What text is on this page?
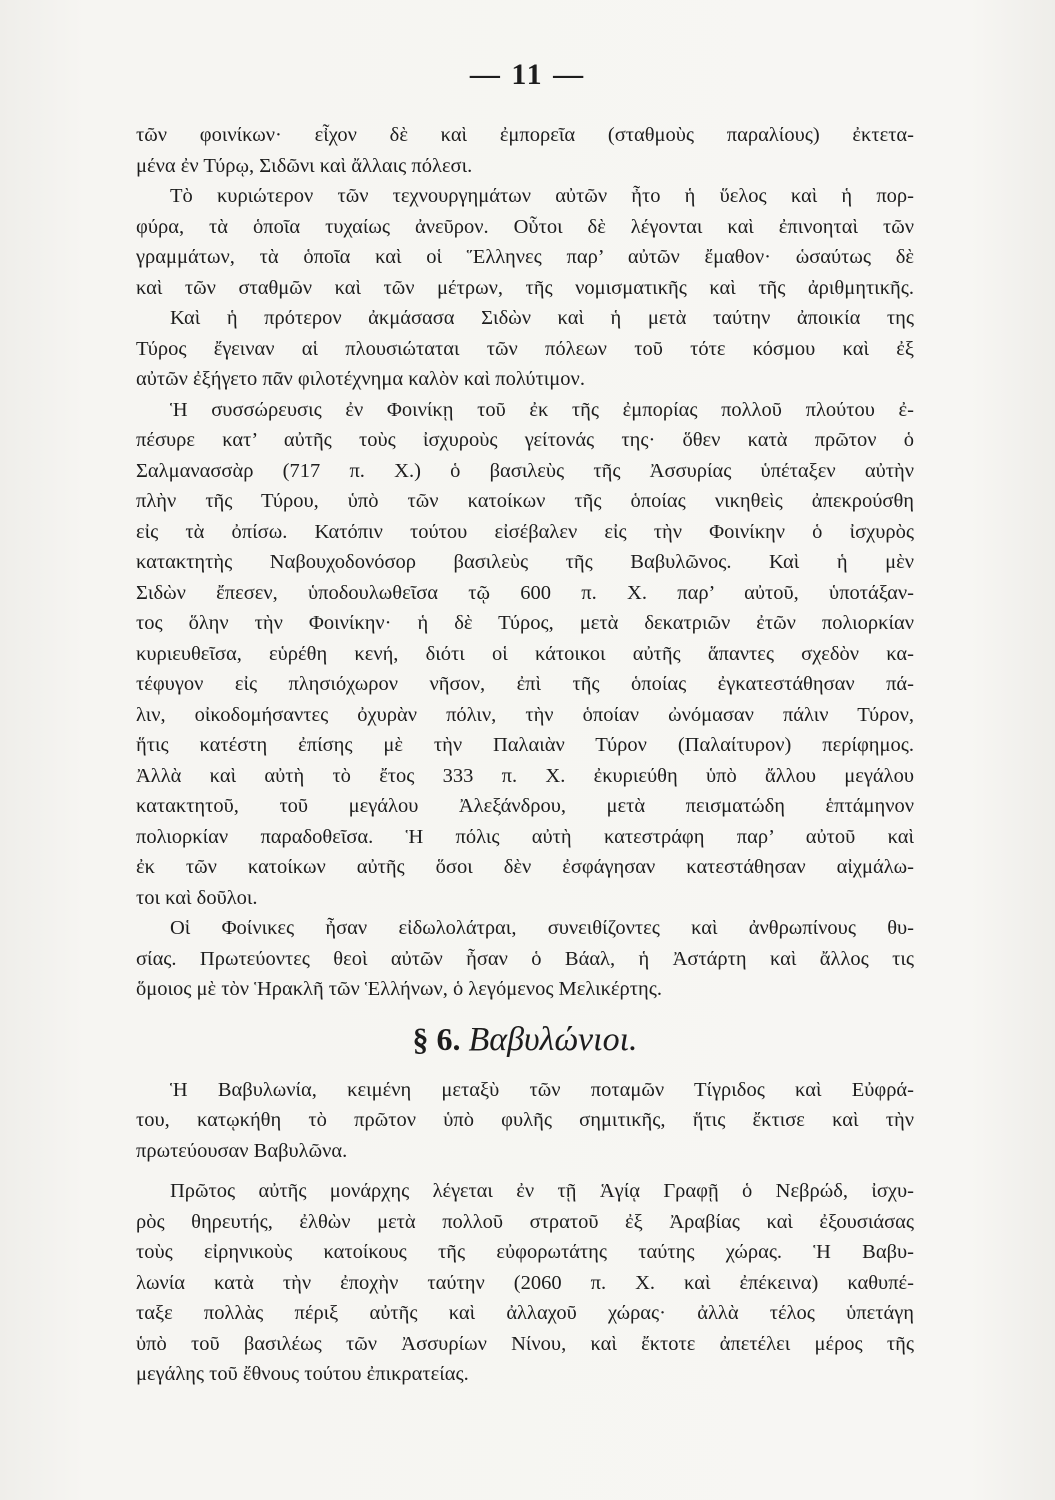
— 11 —
τῶν φοινίκων· εἶχον δὲ καὶ ἐμπορεῖα (σταθμοὺς παραλίους) ἐκτετα-
μένα ἐν Τύρῳ, Σιδῶνι καὶ ἄλλαις πόλεσι.
Τὸ κυριώτερον τῶν τεχνουργημάτων αὐτῶν ἦτο ἡ ὕελος καὶ ἡ πορ-
φύρα, τὰ ὁποῖα τυχαίως ἀνεῦρον. Οὗτοι δὲ λέγονται καὶ ἐπινοηταὶ τῶν
γραμμάτων, τὰ ὁποῖα καὶ οἱ Ἕλληνες παρ’ αὐτῶν ἔμαθον· ὡσαύτως δὲ
καὶ τῶν σταθμῶν καὶ τῶν μέτρων, τῆς νομισματικῆς καὶ τῆς ἀριθμητικῆς.
Καὶ ἡ πρότερον ἀκμάσασα Σιδὼν καὶ ἡ μετὰ ταύτην ἀποικία της
Τύρος ἔγειναν αἱ πλουσιώταται τῶν πόλεων τοῦ τότε κόσμου καὶ ἐξ
αὐτῶν ἐξήγετο πᾶν φιλοτέχνημα καλὸν καὶ πολύτιμον.
Ἡ συσσώρευσις ἐν Φοινίκῃ τοῦ ἐκ τῆς ἐμπορίας πολλοῦ πλούτου ἐ-
πέσυρε κατ’ αὐτῆς τοὺς ἰσχυροὺς γείτονάς της· ὅθεν κατὰ πρῶτον ὁ
Σαλμανασσὰρ (717 π. Χ.) ὁ βασιλεὺς τῆς Ἀσσυρίας ὑπέταξεν αὐτὴν
πλὴν τῆς Τύρου, ὑπὸ τῶν κατοίκων τῆς ὁποίας νικηθεὶς ἀπεκρούσθη
εἰς τὰ ὀπίσω. Κατόπιν τούτου εἰσέβαλεν εἰς τὴν Φοινίκην ὁ ἰσχυρὸς
κατακτητὴς Ναβουχοδονόσορ βασιλεὺς τῆς Βαβυλῶνος. Καὶ ἡ μὲν
Σιδὼν ἔπεσεν, ὑποδουλωθεῖσα τῷ 600 π. Χ. παρ’ αὐτοῦ, ὑποτάξαν-
τος ὅλην τὴν Φοινίκην· ἡ δὲ Τύρος, μετὰ δεκατριῶν ἐτῶν πολιορκίαν
κυριευθεῖσα, εὑρέθη κενή, διότι οἱ κάτοικοι αὐτῆς ἅπαντες σχεδὸν κα-
τέφυγον εἰς πλησιόχωρον νῆσον, ἐπὶ τῆς ὁποίας ἐγκατεστάθησαν πά-
λιν, οἰκοδομήσαντες ὀχυρὰν πόλιν, τὴν ὁποίαν ὠνόμασαν πάλιν Τύρον,
ἥτις κατέστη ἐπίσης μὲ τὴν Παλαιὰν Τύρον (Παλαίτυρον) περίφημος.
Ἀλλὰ καὶ αὐτὴ τὸ ἔτος 333 π. Χ. ἐκυριεύθη ὑπὸ ἄλλου μεγάλου
κατακτητοῦ, τοῦ μεγάλου Ἀλεξάνδρου, μετὰ πεισματώδη ἑπτάμηνον
πολιορκίαν παραδοθεῖσα. Ἡ πόλις αὐτὴ κατεστράφη παρ’ αὐτοῦ καὶ
ἐκ τῶν κατοίκων αὐτῆς ὅσοι δὲν ἐσφάγησαν κατεστάθησαν αἰχμάλω-
τοι καὶ δοῦλοι.
Οἱ Φοίνικες ἦσαν εἰδωλολάτραι, συνειθίζοντες καὶ ἀνθρωπίνους θυ-
σίας. Πρωτεύοντες θεοὶ αὐτῶν ἦσαν ὁ Βάαλ, ἡ Ἀστάρτη καὶ ἄλλος τις
ὅμοιος μὲ τὸν Ἡρακλῆ τῶν Ἑλλήνων, ὁ λεγόμενος Μελικέρτης.
§ 6. Βαβυλώνιοι.
Ἡ Βαβυλωνία, κειμένη μεταξὺ τῶν ποταμῶν Τίγριδος καὶ Εὐφρά-
του, κατῳκήθη τὸ πρῶτον ὑπὸ φυλῆς σημιτικῆς, ἥτις ἔκτισε καὶ τὴν
πρωτεύουσαν Βαβυλῶνα.
Πρῶτος αὐτῆς μονάρχης λέγεται ἐν τῇ Ἁγίᾳ Γραφῇ ὁ Νεβρώδ, ἰσχυ-
ρὸς θηρευτής, ἐλθὼν μετὰ πολλοῦ στρατοῦ ἐξ Ἀραβίας καὶ ἐξουσιάσας
τοὺς εἰρηνικοὺς κατοίκους τῆς εὐφορωτάτης ταύτης χώρας. Ἡ Βαβυ-
λωνία κατὰ τὴν ἐποχὴν ταύτην (2060 π. Χ. καὶ ἐπέκεινα) καθυπέ-
ταξε πολλὰς πέριξ αὐτῆς καὶ ἀλλαχοῦ χώρας· ἀλλὰ τέλος ὑπετάγη
ὑπὸ τοῦ βασιλέως τῶν Ἀσσυρίων Νίνου, καὶ ἔκτοτε ἀπετέλει μέρος τῆς
μεγάλης τοῦ ἔθνους τούτου ἐπικρατείας.
